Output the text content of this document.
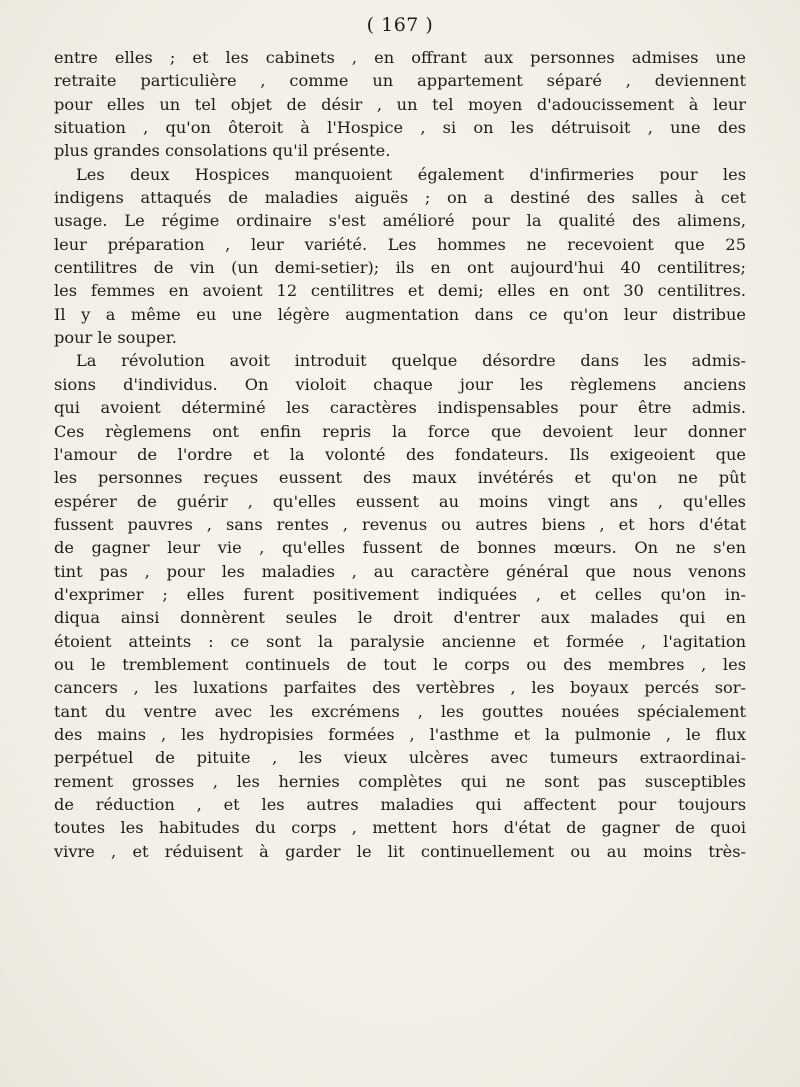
( 167 )
entre elles ; et les cabinets , en offrant aux personnes admises une
retraite particulière , comme un appartement séparé , deviennent
pour elles un tel objet de désir , un tel moyen d'adoucissement à leur
situation , qu'on ôteroit à l'Hospice , si on les détruisoit , une des
plus grandes consolations qu'il présente.
Les deux Hospices manquoient également d'infirmeries pour les
indigens attaqués de maladies aiguës ; on a destiné des salles à cet
usage. Le régime ordinaire s'est amélioré pour la qualité des alimens,
leur préparation , leur variété. Les hommes ne recevoient que 25
centilitres de vin (un demi-setier); ils en ont aujourd'hui 40 centilitres;
les femmes en avoient 12 centilitres et demi; elles en ont 30 centilitres.
Il y a même eu une légère augmentation dans ce qu'on leur distribue
pour le souper.
La révolution avoit introduit quelque désordre dans les admis-
sions d'individus. On violoit chaque jour les règlemens anciens
qui avoient déterminé les caractères indispensables pour être admis.
Ces règlemens ont enfin repris la force que devoient leur donner
l'amour de l'ordre et la volonté des fondateurs. Ils exigeoient que
les personnes reçues eussent des maux invétérés et qu'on ne pût
espérer de guérir , qu'elles eussent au moins vingt ans , qu'elles
fussent pauvres , sans rentes , revenus ou autres biens , et hors d'état
de gagner leur vie , qu'elles fussent de bonnes mœurs. On ne s'en
tint pas , pour les maladies , au caractère général que nous venons
d'exprimer ; elles furent positivement indiquées , et celles qu'on in-
diqua ainsi donnèrent seules le droit d'entrer aux malades qui en
étoient atteints : ce sont la paralysie ancienne et formée , l'agitation
ou le tremblement continuels de tout le corps ou des membres , les
cancers , les luxations parfaites des vertèbres , les boyaux percés sor-
tant du ventre avec les excrémens , les gouttes nouées spécialement
des mains , les hydropisies formées , l'asthme et la pulmonie , le flux
perpétuel de pituite , les vieux ulcères avec tumeurs extraordinai-
rement grosses , les hernies complètes qui ne sont pas susceptibles
de réduction , et les autres maladies qui affectent pour toujours
toutes les habitudes du corps , mettent hors d'état de gagner de quoi
vivre , et réduisent à garder le lit continuellement ou au moins très-
